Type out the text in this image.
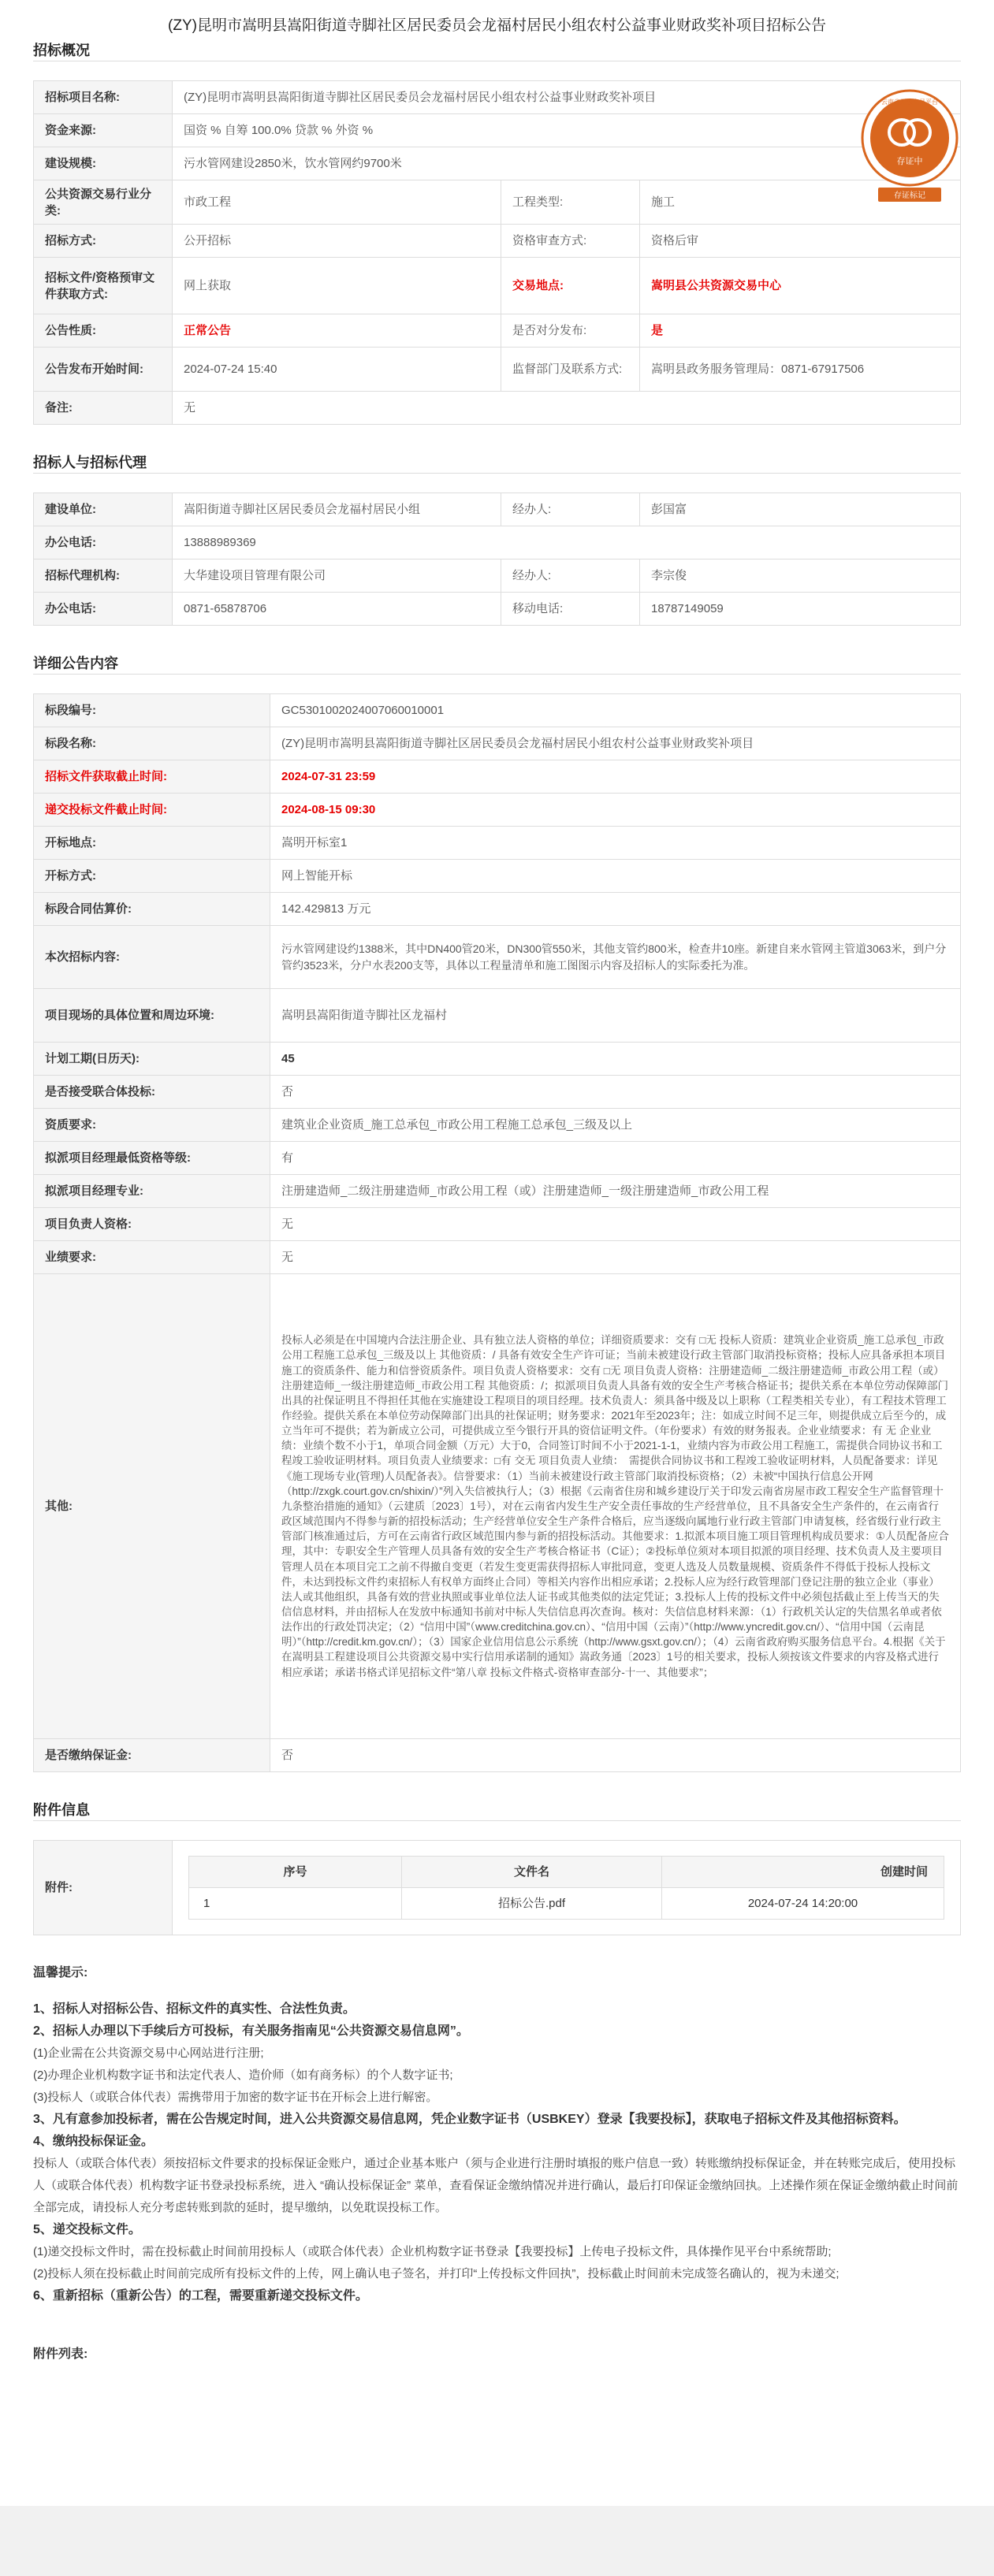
(ZY)昆明市嵩明县嵩阳街道寺脚社区居民委员会龙福村居民小组农村公益事业财政奖补项目招标公告
招标概况
招标项目名称:	(ZY)昆明市嵩明县嵩阳街道寺脚社区居民委员会龙福村居民小组农村公益事业财政奖补项目		
资金来源:	国资 % 自筹 100.0% 贷款 % 外资 %		
建设规模:	污水管网建设2850米，饮水管网约9700米		
公共资源交易行业分类:	市政工程	工程类型:	施工
招标方式:	公开招标	资格审查方式:	资格后审
招标文件/资格预审文件获取方式:	网上获取	交易地点:	嵩明县公共资源交易中心
公告性质:	正常公告	是否对分发布:	是
公告发布开始时间:	2024-07-24 15:40	监督部门及联系方式:	嵩明县政务服务管理局：0871-67917506
备注:	无		
存证中
云南省开放交易平台
存证标记
招标人与招标代理
建设单位:	嵩阳街道寺脚社区居民委员会龙福村居民小组	经办人:	彭国富
办公电话:	13888989369		
招标代理机构:	大华建设项目管理有限公司	经办人:	李宗俊
办公电话:	0871-65878706	移动电话:	18787149059
详细公告内容
标段编号:	GC5301002024007060010001
标段名称:	(ZY)昆明市嵩明县嵩阳街道寺脚社区居民委员会龙福村居民小组农村公益事业财政奖补项目
招标文件获取截止时间:	2024-07-31 23:59
递交投标文件截止时间:	2024-08-15 09:30
开标地点:	嵩明开标室1
开标方式:	网上智能开标
标段合同估算价:	142.429813 万元
本次招标内容:	污水管网建设约1388米，其中DN400管20米，DN300管550米，其他支管约800米，检查井10座。新建自来水管网主管道3063米，到户分管约3523米，分户水表200支等，具体以工程量清单和施工图图示内容及招标人的实际委托为准。
项目现场的具体位置和周边环境:	嵩明县嵩阳街道寺脚社区龙福村
计划工期(日历天):	45
是否接受联合体投标:	否
资质要求:	建筑业企业资质_施工总承包_市政公用工程施工总承包_三级及以上
拟派项目经理最低资格等级:	有
拟派项目经理专业:	注册建造师_二级注册建造师_市政公用工程（或）注册建造师_一级注册建造师_市政公用工程
项目负责人资格:	无
业绩要求:	无
其他:	投标人必须是在中国境内合法注册企业、具有独立法人资格的单位；详细资质要求：交有 □无 投标人资质：建筑业企业资质_施工总承包_市政公用工程施工总承包_三级及以上 其他资质：/ 具备有效安全生产许可证；当前未被建设行政主管部门取消投标资格；投标人应具备承担本项目施工的资质条件、能力和信誉资质条件。项目负责人资格要求：交有 □无 项目负责人资格：注册建造师_二级注册建造师_市政公用工程（或）注册建造师_一级注册建造师_市政公用工程 其他资质：/；拟派项目负责人具备有效的安全生产考核合格证书；提供关系在本单位劳动保障部门出具的社保证明且不得担任其他在实施建设工程项目的项目经理。技术负责人：须具备中级及以上职称（工程类相关专业），有工程技术管理工作经验。提供关系在本单位劳动保障部门出具的社保证明；财务要求：2021年至2023年；注：如成立时间不足三年，则提供成立后至今的，成立当年可不提供；若为新成立公司，可提供成立至今银行开具的资信证明文件。（年份要求）有效的财务报表。企业业绩要求：有 无 企业业绩：业绩个数不小于1，单项合同金额（万元）大于0，合同签订时间不小于2021-1-1，业绩内容为市政公用工程施工，需提供合同协议书和工程竣工验收证明材料。项目负责人业绩要求：□有 交无 项目负责人业绩：　需提供合同协议书和工程竣工验收证明材料，人员配备要求：详见《施工现场专业(管理)人员配备表》。信誉要求：（1）当前未被建设行政主管部门取消投标资格；（2）未被“中国执行信息公开网（http://zxgk.court.gov.cn/shixin/）”列入失信被执行人；（3）根据《云南省住房和城乡建设厅关于印发云南省房屋市政工程安全生产监督管理十九条整治措施的通知》（云建质〔2023〕1号），对在云南省内发生生产安全责任事故的生产经营单位，且不具备安全生产条件的，在云南省行政区域范围内不得参与新的招投标活动；生产经营单位安全生产条件合格后，应当逐级向属地行业行政主管部门申请复核，经省级行业行政主管部门核准通过后，方可在云南省行政区域范围内参与新的招投标活动。其他要求：1.拟派本项目施工项目管理机构成员要求：①人员配备应合理，其中：专职安全生产管理人员具备有效的安全生产考核合格证书（C证）；②投标单位须对本项目拟派的项目经理、技术负责人及主要项目管理人员在本项目完工之前不得撤自变更（若发生变更需获得招标人审批同意，变更人选及人员数量规模、资质条件不得低于投标人投标文件，未达到投标文件约束招标人有权单方面终止合同）等相关内容作出相应承诺；2.投标人应为经行政管理部门登记注册的独立企业（事业）法人或其他组织，具备有效的营业执照或事业单位法人证书或其他类似的法定凭证；3.投标人上传的投标文件中必须包括截止至上传当天的失信信息材料，并由招标人在发放中标通知书前对中标人失信信息再次查询。核对：失信信息材料来源：（1）行政机关认定的失信黑名单或者依法作出的行政处罚决定；（2）“信用中国”（www.creditchina.gov.cn）、“信用中国（云南）”（http://www.yncredit.gov.cn/）、“信用中国（云南昆明）”（http://credit.km.gov.cn/）；（3）国家企业信用信息公示系统（http://www.gsxt.gov.cn/）；（4）云南省政府购买服务信息平台。4.根据《关于在嵩明县工程建设项目公共资源交易中实行信用承诺制的通知》嵩政务通〔2023〕1号的相关要求，投标人须按该文件要求的内容及格式进行相应承诺；承诺书格式详见招标文件“第八章 投标文件格式-资格审查部分-十一、其他要求”；
是否缴纳保证金:	否
附件信息
附件:	
序号	文件名	创建时间
1	招标公告.pdf	2024-07-24 14:20:00
温馨提示:
1、招标人对招标公告、招标文件的真实性、合法性负责。
2、招标人办理以下手续后方可投标，有关服务指南见“公共资源交易信息网”。
(1)企业需在公共资源交易中心网站进行注册;
(2)办理企业机构数字证书和法定代表人、造价师（如有商务标）的个人数字证书;
(3)投标人（或联合体代表）需携带用于加密的数字证书在开标会上进行解密。
3、凡有意参加投标者，需在公告规定时间，进入公共资源交易信息网，凭企业数字证书（USBKEY）登录【我要投标】，获取电子招标文件及其他招标资料。
4、缴纳投标保证金。
投标人（或联合体代表）须按招标文件要求的投标保证金账户，通过企业基本账户（须与企业进行注册时填报的账户信息一致）转账缴纳投标保证金，并在转账完成后，使用投标人（或联合体代表）机构数字证书登录投标系统，进入 “确认投标保证金” 菜单，查看保证金缴纳情况并进行确认，最后打印保证金缴纳回执。上述操作须在保证金缴纳截止时间前全部完成，请投标人充分考虑转账到款的延时，提早缴纳，以免耽误投标工作。
5、递交投标文件。
(1)递交投标文件时，需在投标截止时间前用投标人（或联合体代表）企业机构数字证书登录【我要投标】上传电子投标文件，具体操作见平台中系统帮助;
(2)投标人须在投标截止时间前完成所有投标文件的上传，网上确认电子签名，并打印“上传投标文件回执”，投标截止时间前未完成签名确认的，视为未递交;
6、重新招标（重新公告）的工程，需要重新递交投标文件。
附件列表:
